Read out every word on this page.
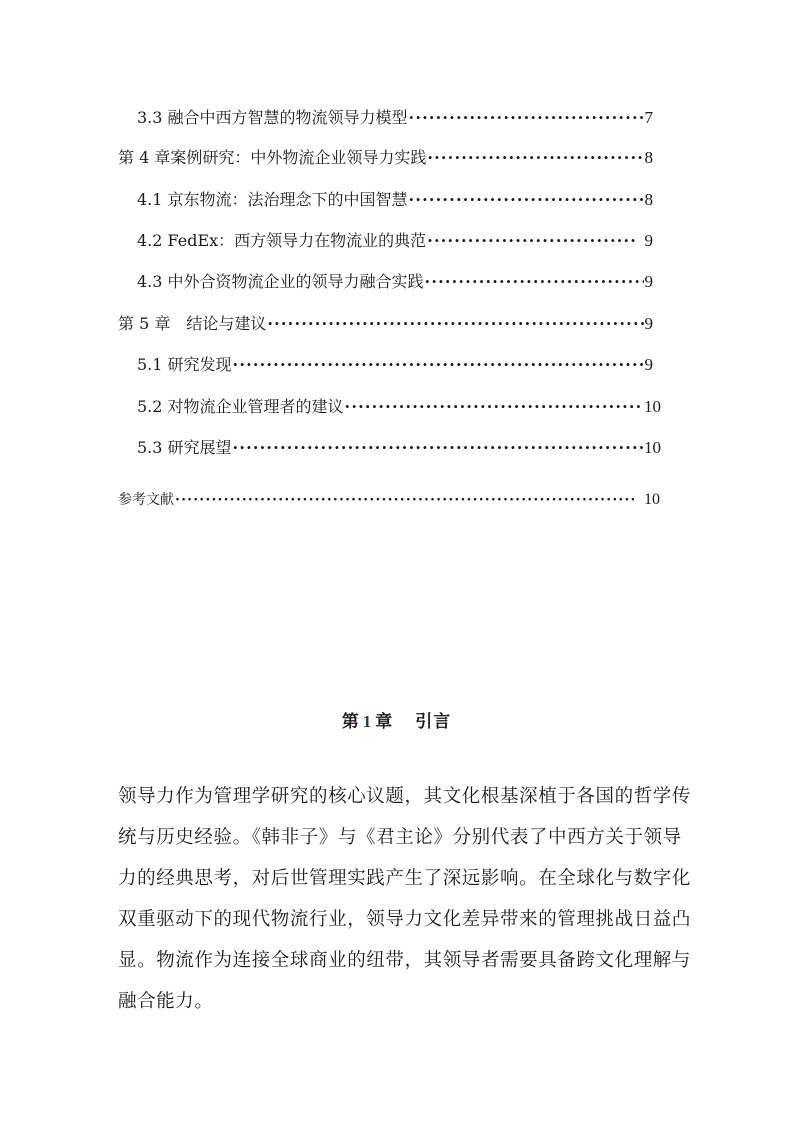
3.3 融合中西方智慧的物流领导力模型 ·····	7
第 4 章案例研究：中外物流企业领导力实践 ·····	8
4.1 京东物流：法治理念下的中国智慧 ·····	8
4.2 FedEx：西方领导力在物流业的典范 ·····	9
4.3 中外合资物流企业的领导力融合实践 ·····	9
第 5 章　结论与建议 ·····	9
5.1 研究发现 ·····	9
5.2 对物流企业管理者的建议 ·····	10
5.3 研究展望 ·····	10
参考文献 ·····	10
第 1 章 引言
领导力作为管理学研究的核心议题，其文化根基深植于各国的哲学传
统与历史经验。《韩非子》与《君主论》分别代表了中西方关于领导
力的经典思考，对后世管理实践产生了深远影响。在全球化与数字化
双重驱动下的现代物流行业，领导力文化差异带来的管理挑战日益凸
显。物流作为连接全球商业的纽带，其领导者需要具备跨文化理解与
融合能力。
